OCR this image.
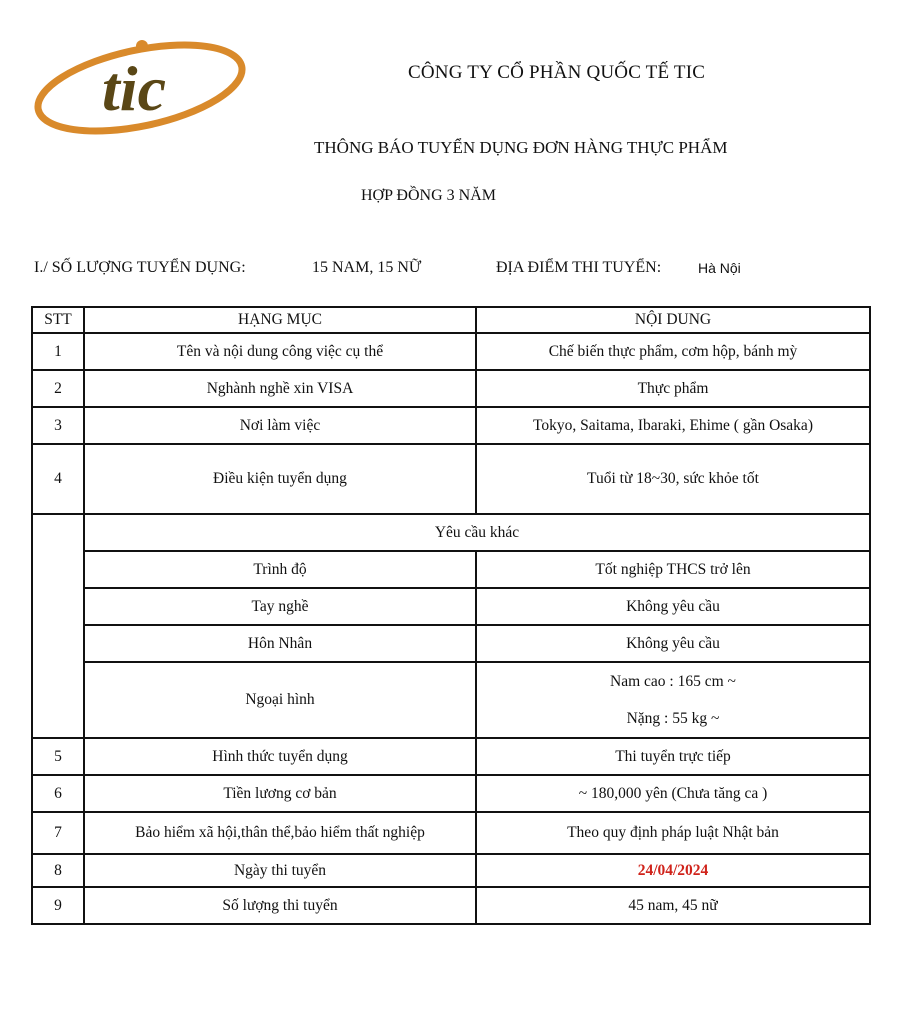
tic	CÔNG TY CỔ PHẦN QUỐC TẾ TIC
THÔNG BÁO TUYỂN DỤNG ĐƠN HÀNG THỰC PHẨM
HỢP ĐỒNG 3 NĂM
I./ SỐ LƯỢNG TUYỂN DỤNG:	15 NAM, 15 NỮ	ĐỊA ĐIỂM THI TUYỂN:	Hà Nội
STT	HẠNG MỤC	NỘI DUNG
1	Tên và nội dung công việc cụ thể	Chế biến thực phẩm, cơm hộp, bánh mỳ
2	Nghành nghề xin VISA	Thực phẩm
3	Nơi làm việc	Tokyo, Saitama, Ibaraki, Ehime ( gần Osaka)
4	Điều kiện tuyển dụng	Tuổi từ 18~30, sức khỏe tốt
	Yêu cầu khác	
	Trình độ	Tốt nghiệp THCS trở lên
	Tay nghề	Không yêu cầu
	Hôn Nhân	Không yêu cầu
	Ngoại hình	Nam cao : 165 cm ~
Nặng : 55 kg ~

5	Hình thức tuyển dụng	Thi tuyển trực tiếp
6	Tiền lương cơ bản	~ 180,000 yên (Chưa tăng ca )
7	Bảo hiểm xã hội,thân thể,bảo hiểm thất nghiệp	Theo quy định pháp luật Nhật bản
8	Ngày thi tuyển	24/04/2024
9	Số lượng thi tuyển	45 nam, 45 nữ
